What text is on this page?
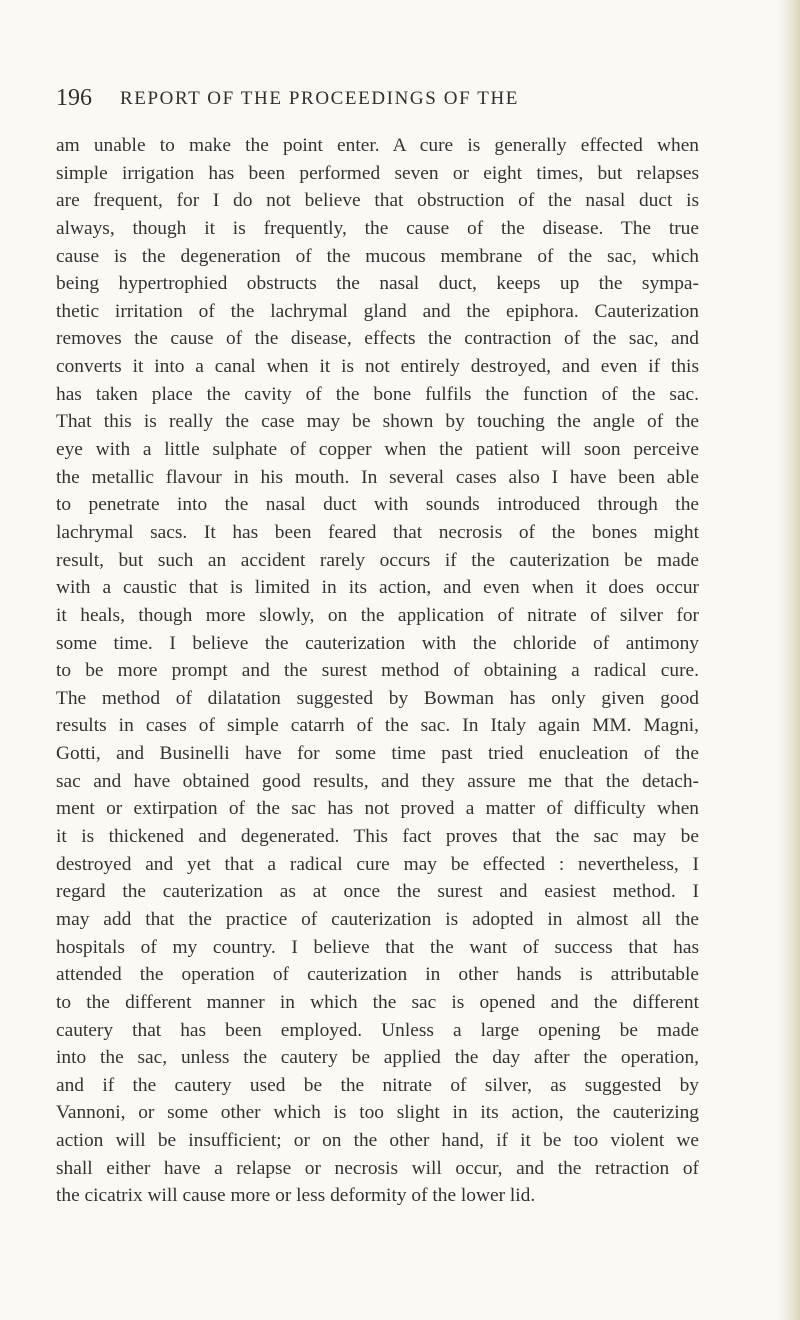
196 REPORT OF THE PROCEEDINGS OF THE
am unable to make the point enter. A cure is generally effected when
simple irrigation has been performed seven or eight times, but relapses
are frequent, for I do not believe that obstruction of the nasal duct is
always, though it is frequently, the cause of the disease. The true
cause is the degeneration of the mucous membrane of the sac, which
being hypertrophied obstructs the nasal duct, keeps up the sympa-
thetic irritation of the lachrymal gland and the epiphora. Cauterization
removes the cause of the disease, effects the contraction of the sac, and
converts it into a canal when it is not entirely destroyed, and even if this
has taken place the cavity of the bone fulfils the function of the sac.
That this is really the case may be shown by touching the angle of the
eye with a little sulphate of copper when the patient will soon perceive
the metallic flavour in his mouth. In several cases also I have been able
to penetrate into the nasal duct with sounds introduced through the
lachrymal sacs. It has been feared that necrosis of the bones might
result, but such an accident rarely occurs if the cauterization be made
with a caustic that is limited in its action, and even when it does occur
it heals, though more slowly, on the application of nitrate of silver for
some time. I believe the cauterization with the chloride of antimony
to be more prompt and the surest method of obtaining a radical cure.
The method of dilatation suggested by Bowman has only given good
results in cases of simple catarrh of the sac. In Italy again MM. Magni,
Gotti, and Businelli have for some time past tried enucleation of the
sac and have obtained good results, and they assure me that the detach-
ment or extirpation of the sac has not proved a matter of difficulty when
it is thickened and degenerated. This fact proves that the sac may be
destroyed and yet that a radical cure may be effected : nevertheless, I
regard the cauterization as at once the surest and easiest method. I
may add that the practice of cauterization is adopted in almost all the
hospitals of my country. I believe that the want of success that has
attended the operation of cauterization in other hands is attributable
to the different manner in which the sac is opened and the different
cautery that has been employed. Unless a large opening be made
into the sac, unless the cautery be applied the day after the operation,
and if the cautery used be the nitrate of silver, as suggested by
Vannoni, or some other which is too slight in its action, the cauterizing
action will be insufficient; or on the other hand, if it be too violent we
shall either have a relapse or necrosis will occur, and the retraction of
the cicatrix will cause more or less deformity of the lower lid.
